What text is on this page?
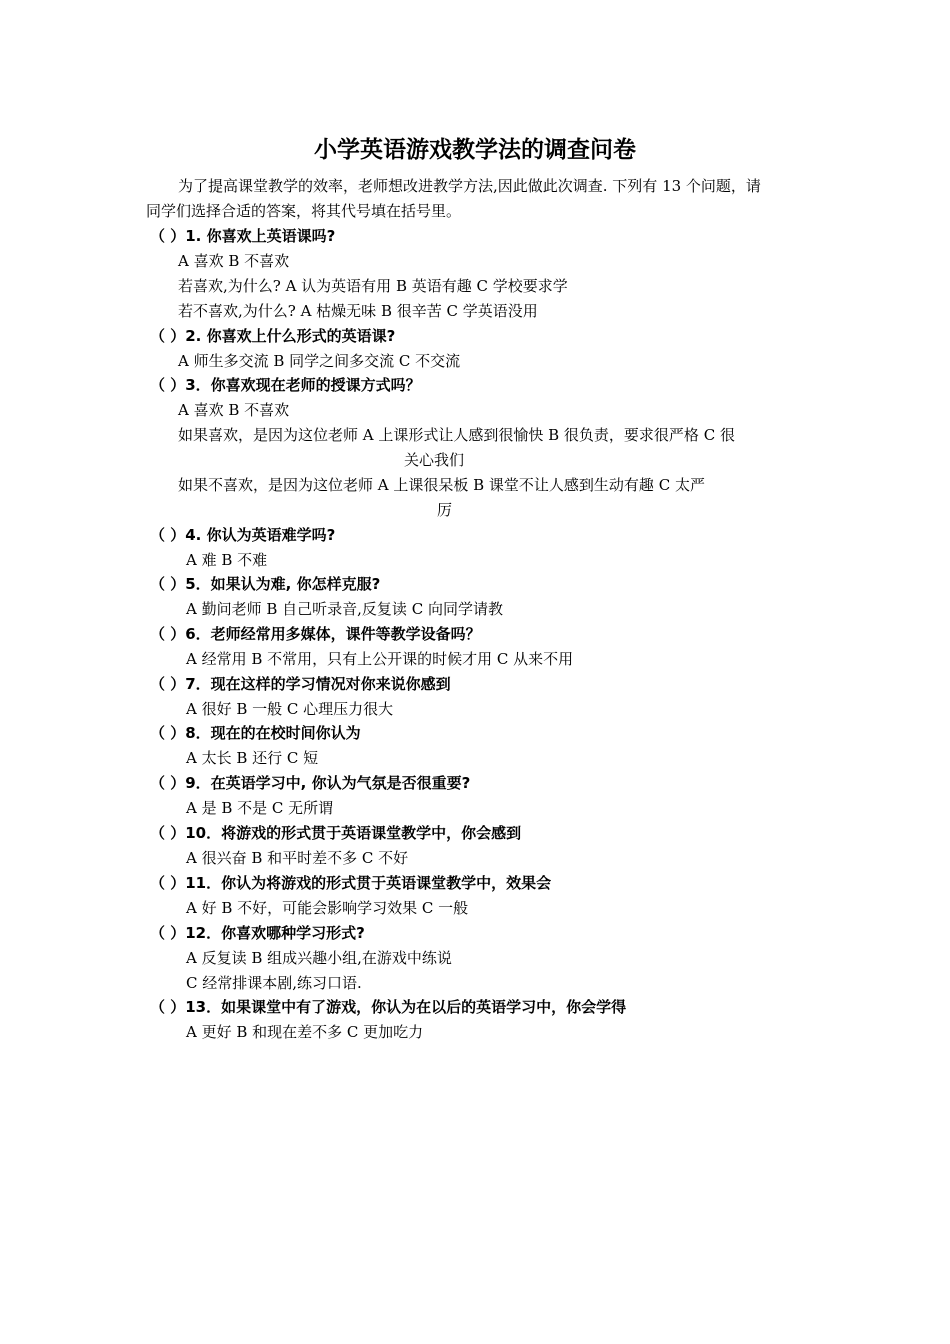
小学英语游戏教学法的调查问卷
为了提高课堂教学的效率，老师想改进教学方法,因此做此次调查. 下列有 13 个问题，请
同学们选择合适的答案，将其代号填在括号里。
（ ）1. 你喜欢上英语课吗?
A 喜欢 B 不喜欢
若喜欢,为什么? A 认为英语有用 B 英语有趣 C 学校要求学
若不喜欢,为什么? A 枯燥无味 B 很辛苦 C 学英语没用
（ ）2. 你喜欢上什么形式的英语课?
A 师生多交流 B 同学之间多交流 C 不交流
（ ）3．你喜欢现在老师的授课方式吗？
A 喜欢 B 不喜欢
如果喜欢，是因为这位老师 A 上课形式让人感到很愉快 B 很负责，要求很严格 C 很
关心我们
如果不喜欢，是因为这位老师 A 上课很呆板 B 课堂不让人感到生动有趣 C 太严
厉
（ ）4. 你认为英语难学吗?
A 难 B 不难
（ ）5．如果认为难, 你怎样克服?
A 勤问老师 B 自己听录音,反复读 C 向同学请教
（ ）6．老师经常用多媒体，课件等教学设备吗？
A 经常用 B 不常用，只有上公开课的时候才用 C 从来不用
（ ）7．现在这样的学习情况对你来说你感到
A 很好 B 一般 C 心理压力很大
（ ）8．现在的在校时间你认为
A 太长 B 还行 C 短
（ ）9．在英语学习中, 你认为气氛是否很重要?
A 是 B 不是 C 无所谓
（ ）10．将游戏的形式贯于英语课堂教学中，你会感到
A 很兴奋 B 和平时差不多 C 不好
（ ）11．你认为将游戏的形式贯于英语课堂教学中，效果会
A 好 B 不好，可能会影响学习效果 C 一般
（ ）12．你喜欢哪种学习形式?
A 反复读 B 组成兴趣小组,在游戏中练说
C 经常排课本剧,练习口语.
（ ）13．如果课堂中有了游戏，你认为在以后的英语学习中，你会学得
A 更好 B 和现在差不多 C 更加吃力
